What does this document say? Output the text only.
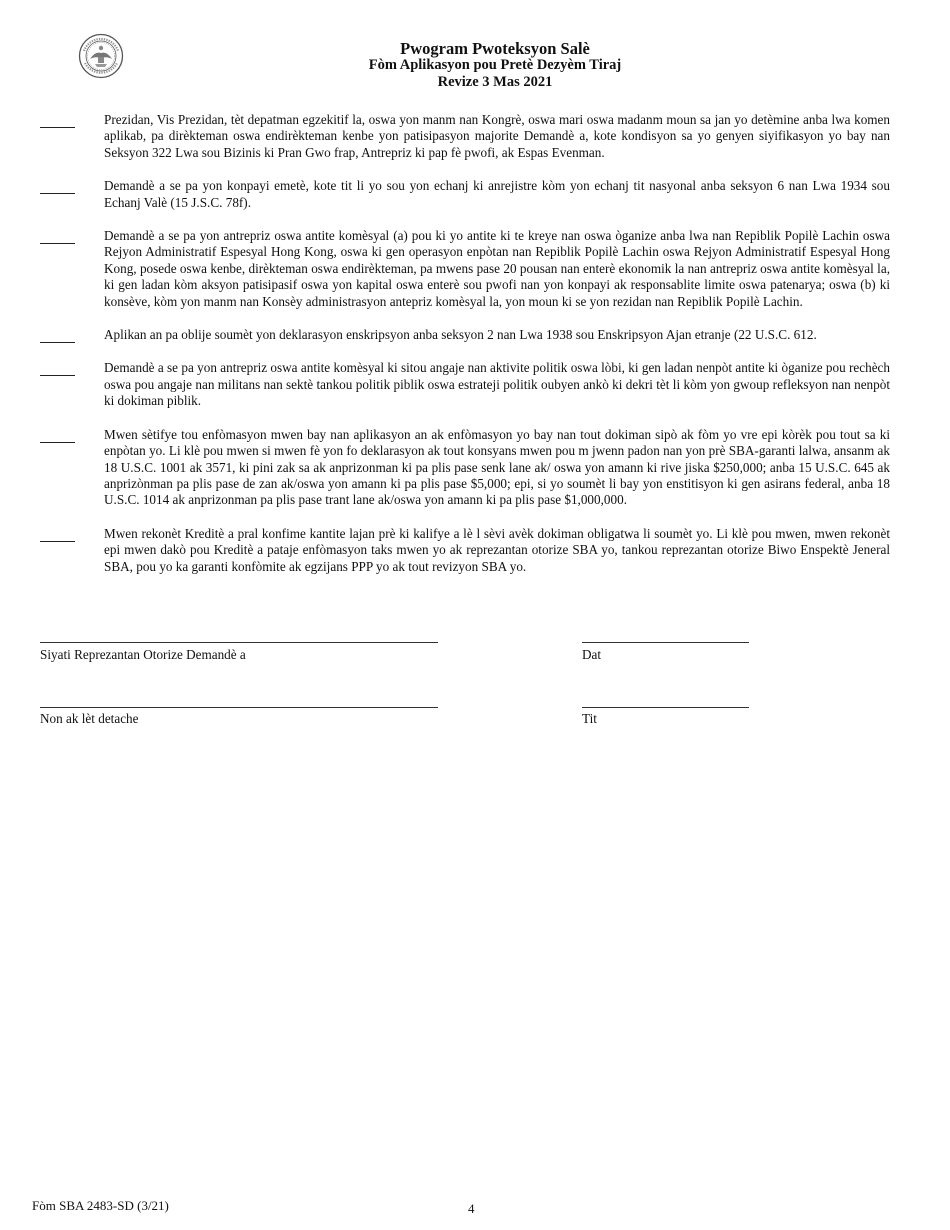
Pwogram Pwoteksyon Salè
Fòm Aplikasyon pou Pretè Dezyèm Tiraj
Revize 3 Mas 2021
Prezidan, Vis Prezidan, tèt depatman egzekitif la, oswa yon manm nan Kongrè, oswa mari oswa madanm moun sa jan yo detèmine anba lwa komen aplikab, pa dirèkteman oswa endirèkteman kenbe yon patisipasyon majorite Demandè a, kote kondisyon sa yo genyen siyifikasyon yo bay nan Seksyon 322 Lwa sou Bizinis ki Pran Gwo frap, Antrepriz ki pap fè pwofi, ak Espas Evenman.
Demandè a se pa yon konpayi emetè, kote tit li yo sou yon echanj ki anrejistre kòm yon echanj tit nasyonal anba seksyon 6 nan Lwa 1934 sou Echanj Valè (15 J.S.C. 78f).
Demandè a se pa yon antrepriz oswa antite komèsyal (a) pou ki yo antite ki te kreye nan oswa òganize anba lwa nan Repiblik Popilè Lachin oswa Rejyon Administratif Espesyal Hong Kong, oswa ki gen operasyon enpòtan nan Repiblik Popilè Lachin oswa Rejyon Administratif Espesyal Hong Kong, posede oswa kenbe, dirèkteman oswa endirèkteman, pa mwens pase 20 pousan nan enterè ekonomik la nan antrepriz oswa antite komèsyal la, ki gen ladan kòm aksyon patisipasif oswa yon kapital oswa enterè sou pwofi nan yon konpayi ak responsablite limite oswa patenarya; oswa (b) ki konsève, kòm yon manm nan Konsèy administrasyon antepriz komèsyal la, yon moun ki se yon rezidan nan Repiblik Popilè Lachin.
Aplikan an pa oblije soumèt yon deklarasyon enskripsyon anba seksyon 2 nan Lwa 1938 sou Enskripsyon Ajan etranje (22 U.S.C. 612.
Demandè a se pa yon antrepriz oswa antite komèsyal ki sitou angaje nan aktivite politik oswa lòbi, ki gen ladan nenpòt antite ki òganize pou rechèch oswa pou angaje nan militans nan sektè tankou politik piblik oswa estrateji politik oubyen ankò ki dekri tèt li kòm yon gwoup refleksyon nan nenpòt ki dokiman piblik.
Mwen sètifye tou enfòmasyon mwen bay nan aplikasyon an ak enfòmasyon yo bay nan tout dokiman sipò ak fòm yo vre epi kòrèk pou tout sa ki enpòtan yo. Li klè pou mwen si mwen fè yon fo deklarasyon ak tout konsyans mwen pou m jwenn padon nan yon prè SBA-garanti lalwa, ansanm ak 18 U.S.C. 1001 ak 3571, ki pini zak sa ak anprizonman ki pa plis pase senk lane ak/ oswa yon amann ki rive jiska $250,000; anba 15 U.S.C. 645 ak anprizònman pa plis pase de zan ak/oswa yon amann ki pa plis pase $5,000; epi, si yo soumèt li bay yon enstitisyon ki gen asirans federal, anba 18 U.S.C. 1014 ak anprizonman pa plis pase trant lane ak/oswa yon amann ki pa plis pase $1,000,000.
Mwen rekonèt Kreditè a pral konfime kantite lajan prè ki kalifye a lè l sèvi avèk dokiman obligatwa li soumèt yo. Li klè pou mwen, mwen rekonèt epi mwen dakò pou Kreditè a pataje enfòmasyon taks mwen yo ak reprezantan otorize SBA yo, tankou reprezantan otorize Biwo Enspektè Jeneral SBA, pou yo ka garanti konfòmite ak egzijans PPP yo ak tout revizyon SBA yo.
Siyati Reprezantan Otorize Demandè a	Dat
Non ak lèt detache	Tit
Fòm SBA 2483-SD (3/21)	4
